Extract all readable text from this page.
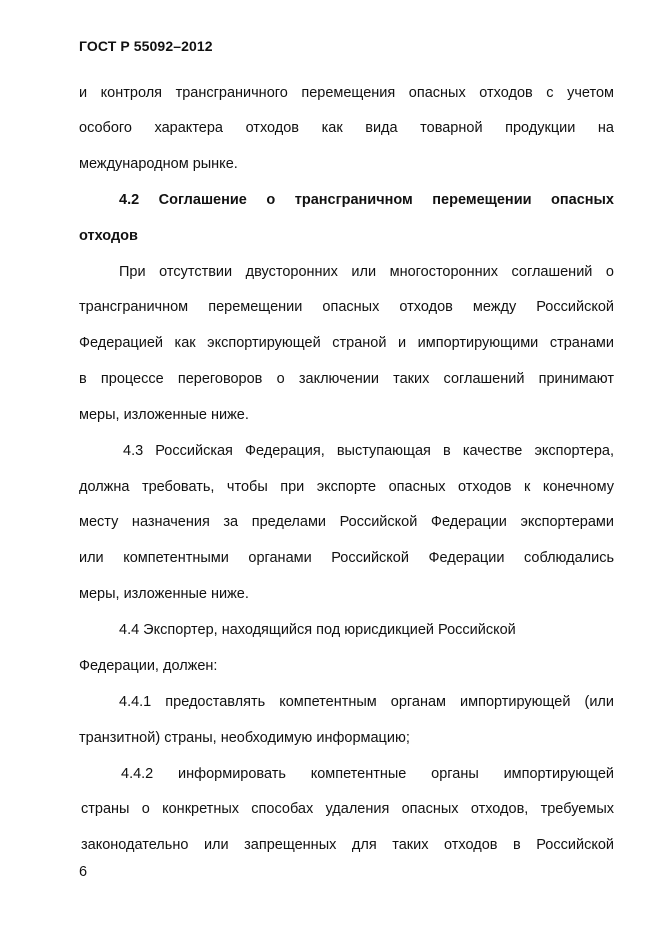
ГОСТ Р 55092–2012
и контроля трансграничного перемещения опасных отходов с учетом
особого характера отходов как вида товарной продукции на
международном рынке.
4.2 Соглашение о трансграничном перемещении опасных
отходов
При отсутствии двусторонних или многосторонних соглашений о
трансграничном перемещении опасных отходов между Российской
Федерацией как экспортирующей страной и импортирующими странами
в процессе переговоров о заключении таких соглашений принимают
меры, изложенные ниже.
4.3 Российская Федерация, выступающая в качестве экспортера,
должна требовать, чтобы при экспорте опасных отходов к конечному
месту назначения за пределами Российской Федерации экспортерами
или компетентными органами Российской Федерации соблюдались
меры, изложенные ниже.
4.4 Экспортер, находящийся под юрисдикцией Российской
Федерации, должен:
4.4.1 предоставлять компетентным органам импортирующей (или
транзитной) страны, необходимую информацию;
4.4.2 информировать компетентные органы импортирующей
страны о конкретных способах удаления опасных отходов, требуемых
законодательно или запрещенных для таких отходов в Российской
6
